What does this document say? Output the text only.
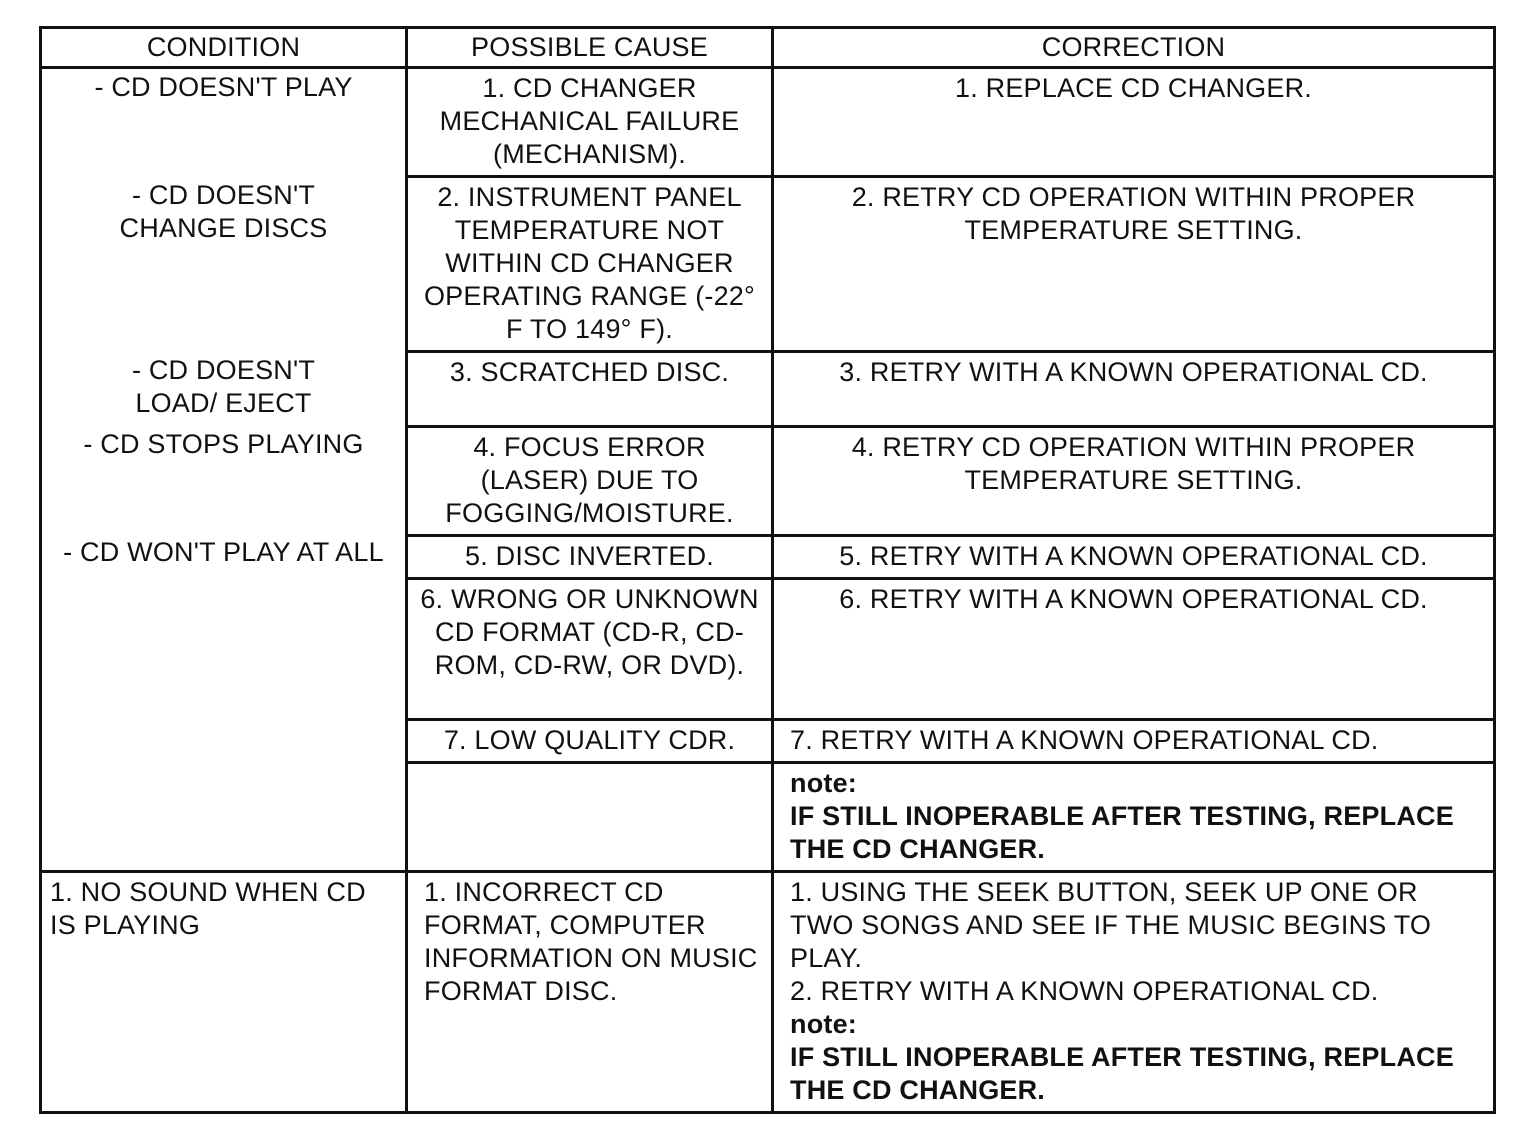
CONDITION	POSSIBLE CAUSE	CORRECTION

- CD DOESN'T PLAY
- CD DOESN'T CHANGE DISCS
- CD DOESN'T LOAD/ EJECT
- CD STOPS PLAYING
- CD WON'T PLAY AT ALL	1. CD CHANGER MECHANICAL FAILURE (MECHANISM).	1. REPLACE CD CHANGER.
	2. INSTRUMENT PANEL TEMPERATURE NOT WITHIN CD CHANGER OPERATING RANGE (-22° F TO 149° F).	2. RETRY CD OPERATION WITHIN PROPER TEMPERATURE SETTING.
	3. SCRATCHED DISC.	3. RETRY WITH A KNOWN OPERATIONAL CD.
	4. FOCUS ERROR (LASER) DUE TO FOGGING/MOISTURE.	4. RETRY CD OPERATION WITHIN PROPER TEMPERATURE SETTING.
	5. DISC INVERTED.	5. RETRY WITH A KNOWN OPERATIONAL CD.
	6. WRONG OR UNKNOWN CD FORMAT (CD-R, CD-ROM, CD-RW, OR DVD).	6. RETRY WITH A KNOWN OPERATIONAL CD.
	7. LOW QUALITY CDR.	7. RETRY WITH A KNOWN OPERATIONAL CD.

		note:
IF STILL INOPERABLE AFTER TESTING, REPLACE THE CD CHANGER.

1. NO SOUND WHEN CD IS PLAYING	1. INCORRECT CD FORMAT, COMPUTER INFORMATION ON MUSIC FORMAT DISC.	1. USING THE SEEK BUTTON, SEEK UP ONE OR TWO SONGS AND SEE IF THE MUSIC BEGINS TO PLAY.
2. RETRY WITH A KNOWN OPERATIONAL CD.
note:
IF STILL INOPERABLE AFTER TESTING, REPLACE THE CD CHANGER.
